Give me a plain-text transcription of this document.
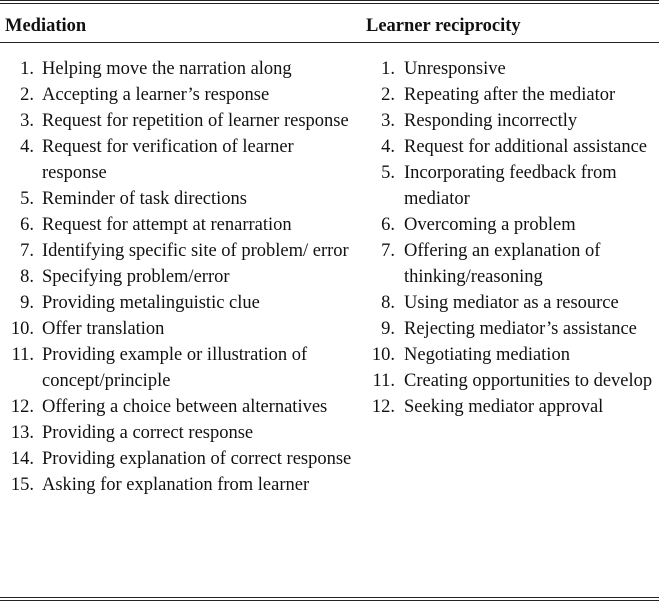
Mediation
1. Helping move the narration along
2. Accepting a learner’s response
3. Request for repetition of learner response
4. Request for verification of learner response
5. Reminder of task directions
6. Request for attempt at renarration
7. Identifying specific site of problem/ error
8. Specifying problem/error
9. Providing metalinguistic clue
10. Offer translation
11. Providing example or illustration of concept/principle
12. Offering a choice between alternatives
13. Providing a correct response
14. Providing explanation of correct response
15. Asking for explanation from learner
Learner reciprocity
1. Unresponsive
2. Repeating after the mediator
3. Responding incorrectly
4. Request for additional assistance
5. Incorporating feedback from mediator
6. Overcoming a problem
7. Offering an explanation of thinking/reasoning
8. Using mediator as a resource
9. Rejecting mediator’s assistance
10. Negotiating mediation
11. Creating opportunities to develop
12. Seeking mediator approval
